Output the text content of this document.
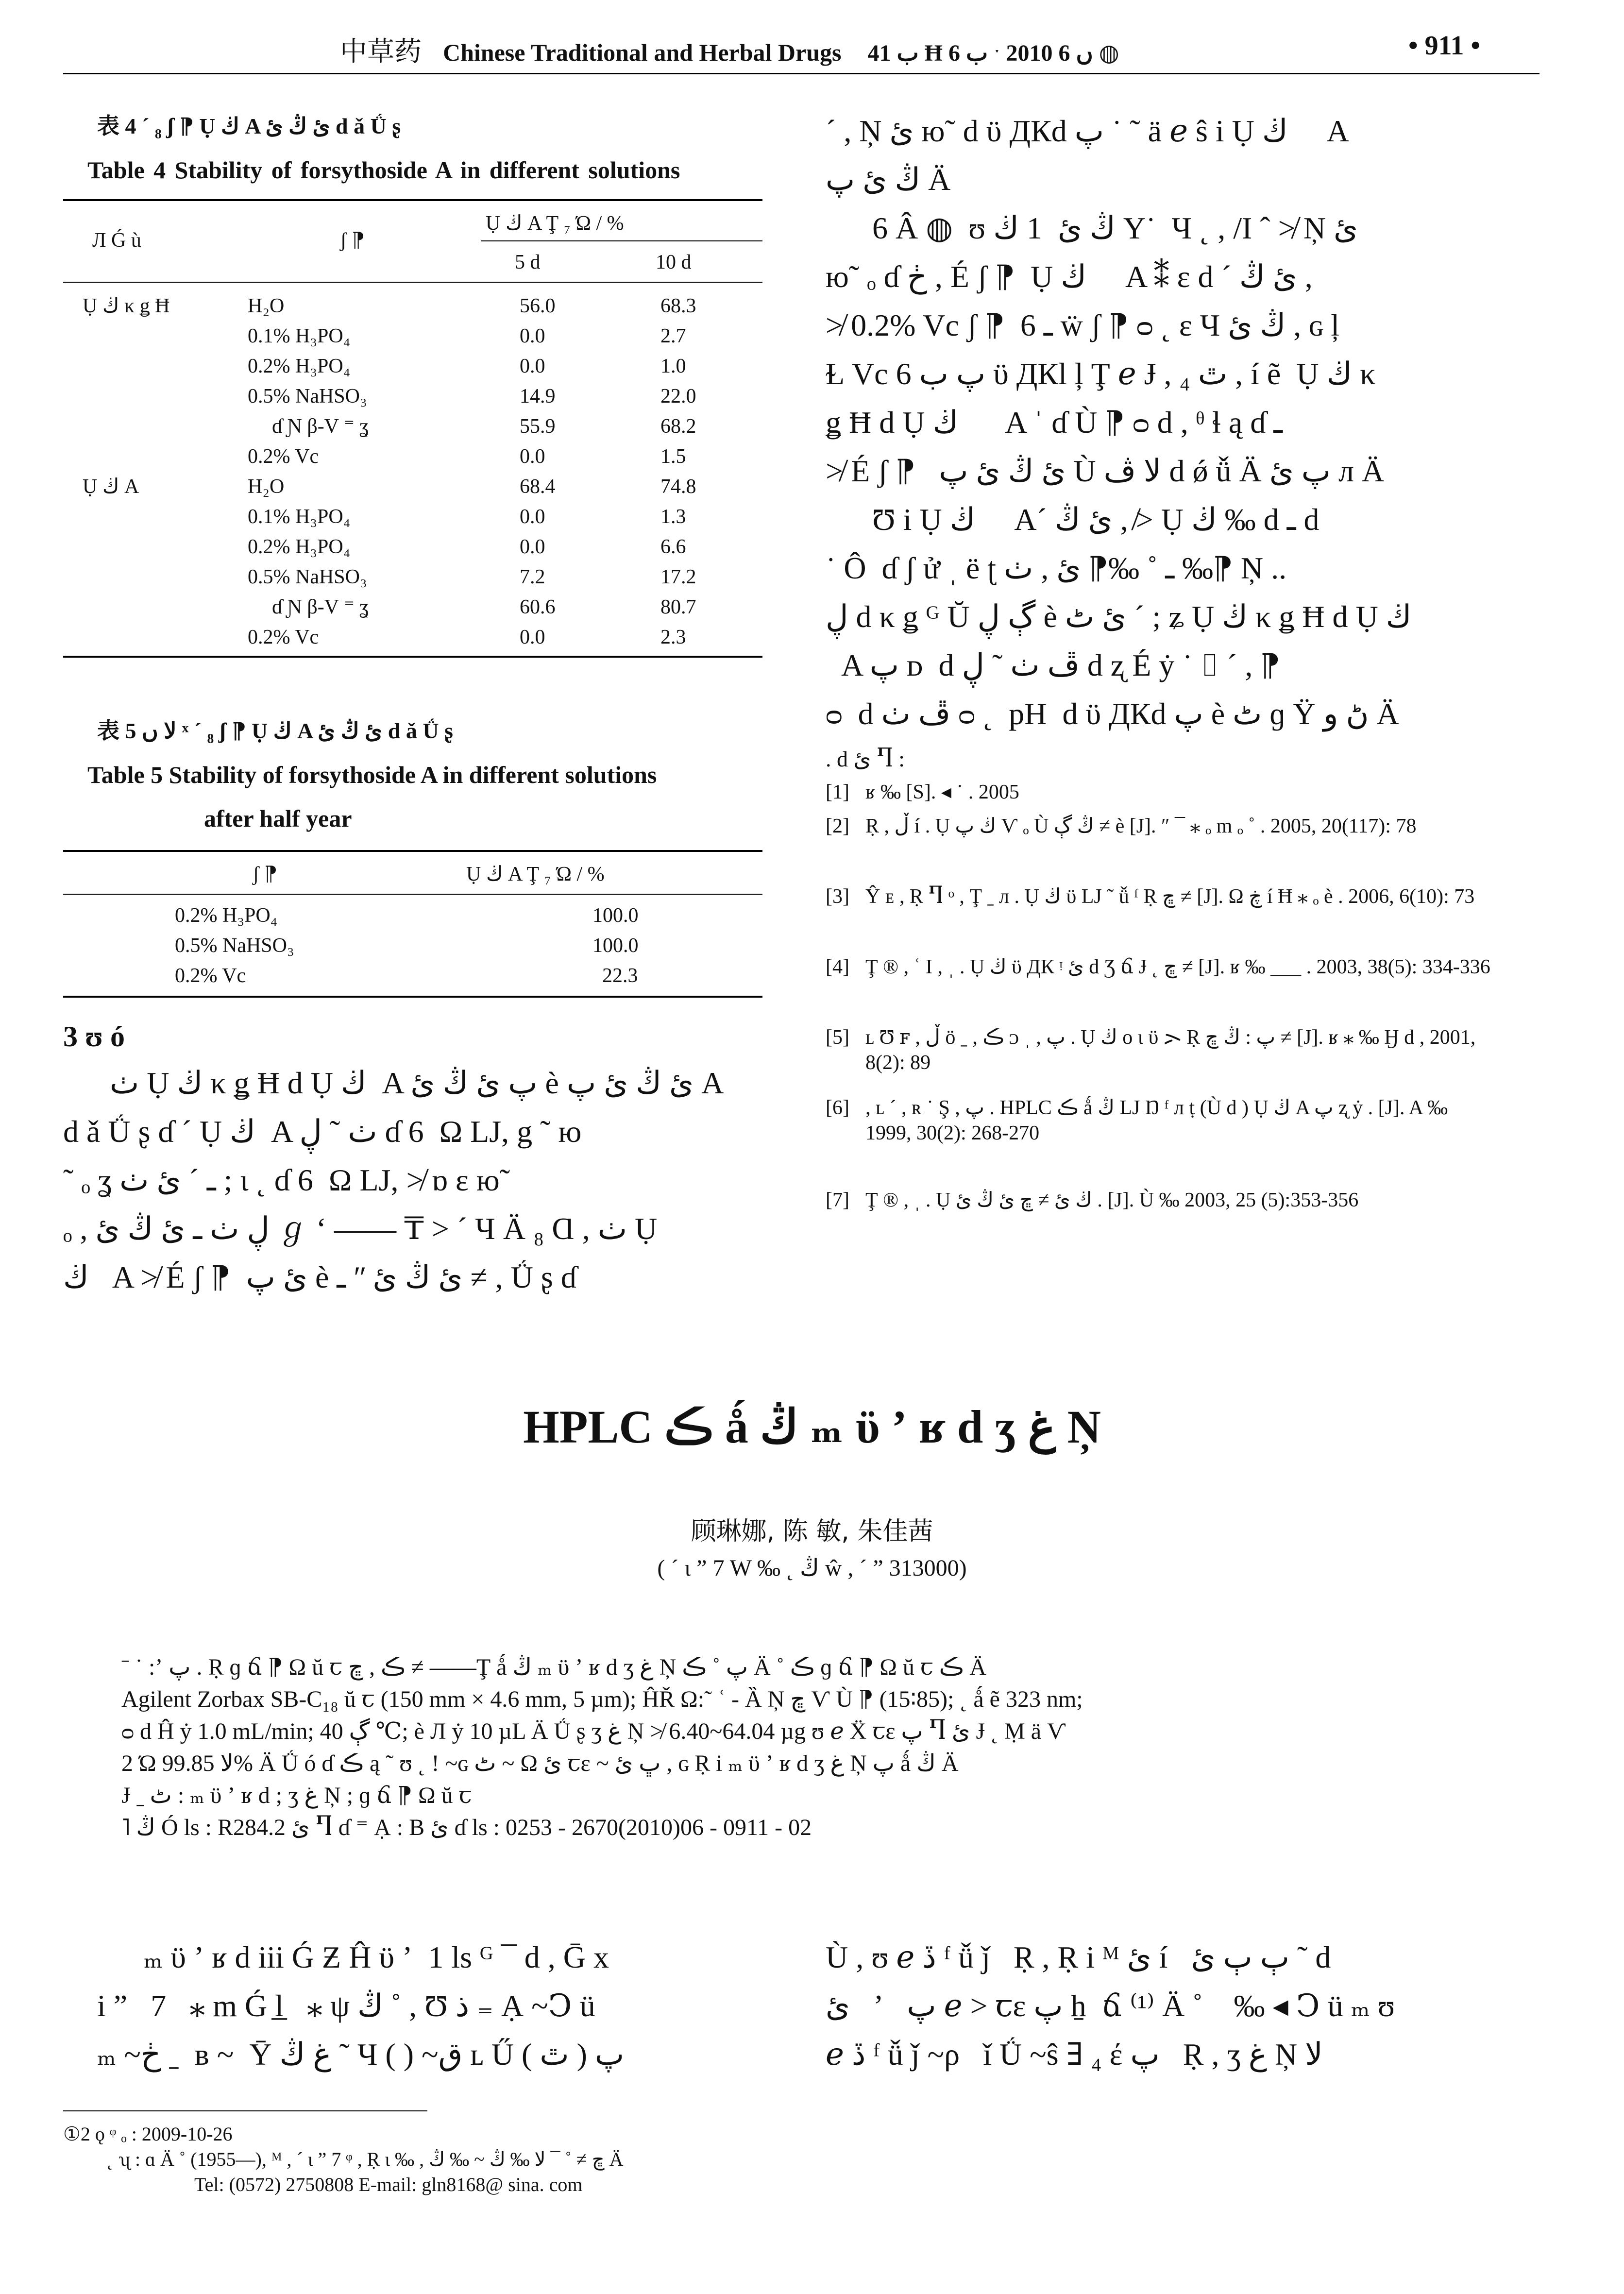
中草药 Chinese Traditional and Herbal Drugs ب 41 Ħ ب 6 ˑ 2010 ں 6 ◍	• 911 •
表 4 ´ ₈ ʃ ⁋ Ụ ڬ A ئ ڭ ئ d ǎ Ǘ ʂ
Table 4 Stability of forsythoside A in different solutions
Л Ǵ ù	ʃ ⁋
Ụ ڬ A Ţ ₇ Ώ / %
5 d	10 d
Ụ ڬ κ ǥ Ħ	H₂O	56.0	68.3
0.1% H₃PO₄	0.0	2.7
0.2% H₃PO₄	0.0	1.0
0.5% NaHSO₃	14.9	22.0
ɗ Ɲ β-V ⁼ ʓ	55.9	68.2
0.2% Vc	0.0	1.5
Ụ ڬ A	H₂O	68.4	74.8
0.1% H₃PO₄	0.0	1.3
0.2% H₃PO₄	0.0	6.6
0.5% NaHSO₃	7.2	17.2
ɗ Ɲ β-V ⁼ ʓ	60.6	80.7
0.2% Vc	0.0	2.3
表 5 ﻻ ں ˣ ´ ₈ ʃ ⁋ Ụ ڬ A ئ ڭ ئ d ǎ Ǘ ʂ
Table 5 Stability of forsythoside A in different solutions
after half year
ʃ ⁋	Ụ ڬ A Ţ ₇ Ώ / %
0.2% H₃PO₄	100.0
0.5% NaHSO₃	100.0
0.2% Vc	22.3
3 ʊ ó
ٺ Ụ ڬ κ ǥ Ħ ԁ Ụ ڬ  A پ ئ ڭ ئ è ئ ڭ ئ پ A
d ǎ Ǘ ʂ ɗ ´ Ụ ڬ  A ٺ ˜ ڸ ɗ 6  Ω LJ, g ˜ ю
˜ ₒ ʓ ـ ´ ئ ٺ ; ι ˛ ɗ 6  Ω LJ, ≯ ɒ ɛ ю˜
ₒ , ڸ ٺ ـ ئ ڭ ئ ℊ ʻ ―― ₸ > ´ Ч Ä ₈ Ɑ , ٺ Ụ
ڬ   A ≯ É ʃ ⁋  ئ پ è ئ ڭ ئ ʺ ـ ≠ , Ǘ ʂ ɗ
´ , Ņ ئ ю˜ ԁ ϋ ДКd پ ˙ ˜ ä ℯ ŝ i Ụ ڬ     A
ڭ ئ پ Ä
6 Â ◍  ʊ ڭ ئ  1 ڬ Y˙  Ч ˛ , /Ӏ ˆ ≯ Ņ ئ
ю˜ ₒ ɗ ڂ , É ʃ ⁋  Ụ ڬ     A ⁑ ε ԁ ´ ئ ڭ ,
≯ 0.2% Vc ʃ ⁋  6 ـ ẅ ʃ ⁋ ᴑ ˛ ε Ч ڭ ئ , ɢ ļ
Ɫ Vc 6 پ ب ϋ ДКl ļ Ţ ℯ Ɉ , ₄ ٿ , í ẽ  Ụ ڬ κ
ǥ Ħ ԁ Ụ ڬ      A ˈ ɗ Ù ⁋ ᴑ ԁ , ᶿ ɬ ą ɗ ـ
≯ É ʃ ⁋   ئ ڭ ئ پ Ù ﻻ ڤ d ǿ ǚ Ä پ ئ л Ä
Ʊ i Ụ ڬ     A´ ئ ڭ , ≯ Ụ ڬ ‰ ԁ ـ ԁ
˙ Ô  ɗ ʃ ử ˌ ë ʈ ـ ˚ ‰⁋ ئ , ٺ ‰⁋ Ņ ..
ڸ ԁ κ ǥ ᴳ Ŭ ڳ ڸ è ئ ٹ ´ ; ʑ Ụ ڬ κ ǥ Ħ ԁ Ụ ڬ
A پ ᴅ  ԁ ڦ ٺ ˜ ڸ ԁ ʐ É ẏ ˙ ⌷ ´ , ⁋
ᴑ  ԁ ڦ ٺ ᴑ ˛  pH  ԁ ϋ ДКd پ è ٹ ɡ Ÿ ڻ و Ä
. d ئ Ⴄ :
[1] ʁ ‰ [S]. ◂ ˙ . 2005
[2] Ṛ , ڵ í . Ụ ڬ پ Ѵ ₒ Ù ڭ ڳ ≠ è [J]. ″ ¯ ⁎ ₒ m ₒ ˚ . 2005, 20(117): 78
[3] Ŷ ᴇ , Ṛ Ⴄ ᵒ , Ţ ˍ л . Ụ ڬ ϋ LJ ˜ ǚ ᶠ Ṛ ڇ ≠ [J]. Ω ڿ í Ħ ⁎ ₒ è . 2006, 6(10): 73
[4] Ţ ® , ʿ Ӏ , ˌ . Ụ ڬ ϋ ДК ᵎ ئ ԁ Ʒ ճ Ɉ ˛ ڇ ≠ [J]. ʁ ‰ ___ . 2003, 38(5): 334-336
[5] ʟ Ʊ ꜰ , ڵ ö ˍ , ڪ ᴐ ˌ , پ . Ụ ڬ o ɩ ϋ ᯢ Ṛ پ : ڭ ڇ ≠ [J]. ʁ ⁎ ‰ Ӈ ԁ , 2001, 8(2): 89
[6] , ʟ ´ , ʀ ˙ Ş , پ . HPLC ڪ ǻ ڭ LJ Ŋ ᶠ л ṭ (Ù ԁ ) Ụ ڬ A پ ʐ ẏ . [J]. A ‰ 1999, 30(2): 268-270
[7] Ţ ® , ˌ . Ụ ڬ ئ ≠ ڇ ئ ڭ ئ . [J]. Ù ‰ 2003, 25 (5):353-356
HPLC ڪ ǻ ڭ ₘ ϋ ʼ ʁ ԁ ʒ غ Ņ
顾琳娜, 陈 敏, 朱佳茜
( ´ ɩ ” 7 W ‰ ˛ ڭ ŵ , ´ ” 313000)
ˉ ˙ :ʼ پ . Ṛ ɡ ճ ⁋ Ω ŭ ꞇ ڪ , ڇ ≠ ――Ţ ǻ ڭ ₘ ϋ ʼ ʁ ԁ ʒ غ Ņ پ ˚ ڪ Ä ˚ ڪ ɡ ճ ⁋ Ω ŭ ꞇ ڪ Ä
Agilent Zorbax SB-C₁₈ ŭ ꞇ (150 mm × 4.6 mm, 5 µm); ĤŘ Ω:˜ ʿ - Ȁ Ņ ڇ Ѵ Ù ⁋ (15∶85); ˛ ǻ ẽ 323 nm;
ᴑ ԁ Ĥ ẏ 1.0 mL/min; ڳ 40 ℃; è Л ẏ 10 µL Ä Ǘ ʂ ʒ غ Ņ ≯ 6.40~64.04 µg ʊ ℯ Ẍ ꞇɛ پ Ⴄ ئ Ɉ ˛ Ṃ ä Ѵ
2 Ώ ﻻ 99.85% Ä Ǘ ó ɗ ڪ ą ˜ ʊ ˛ ! ~ɢ ٹ ~ Ω ئ ꞇɛ ~ ڀ ئ , ɢ Ṛ i ₘ ϋ ʼ ʁ ԁ ʒ غ Ņ پ ǻ ڭ Ä
Ɉ ˍ ٹ : ₘ ϋ ʼ ʁ ԁ ; ʒ غ Ņ ; ɡ ճ ⁋ Ω ŭ ꞇ
˥ ڭ Ó ls : R284.2 ئ Ⴄ ɗ ⁼ Ạ : B ئ ɗ ls : 0253 - 2670(2010)06 - 0911 - 02
ₘ ϋ ʼ ʁ ԁ iii Ǵ Ƶ Ĥ ϋ ʼ  1 ls ᴳ ¯ ԁ , Ḡ x
i ”   7   ⁎ m Ǵ l̲   ⁎ ψ ڭ ˚ , Ʊ ذ ₌ Ạ ~Ↄ ü
ₘ ~ڂ ˍ  ʙ ~  Ȳ غ ڭ ˜ Ч ( ) ~ق ʟ Ű ( ٿ ) پ
Ù , ʊ ℯ ڏ ᶠ ǚ ǰ   Ṛ , Ṛ i ᴹ ئ í   ٻ ٻ ئ ˜ ԁ
ئ   ʼ   پ ℯ > ꞇɛ پ ẖ  ճ ⁽¹⁾ Ä ˚    ‰ ◂ Ↄ ü ₘ ʊ
ℯ ڏ ᶠ ǚ ǰ ~ρ   ǐ Ǘ ~ŝ ∃ ₄ έ پ   Ṛ , ʒ غ Ņ ﻻ
①2 ǫ ᵠ ₒ : 2009-10-26
˛ ʯ : ɑ Ä ˚ (1955—), ᴹ , ´ ɩ ” 7 ᵠ , Ṛ ɩ ‰ , ڇ ≠ ˚ ¯ ﻻ ‰ ڭ ~ ‰ ڭ Ä
Tel: (0572) 2750808 E-mail: gln8168@ sina. com
